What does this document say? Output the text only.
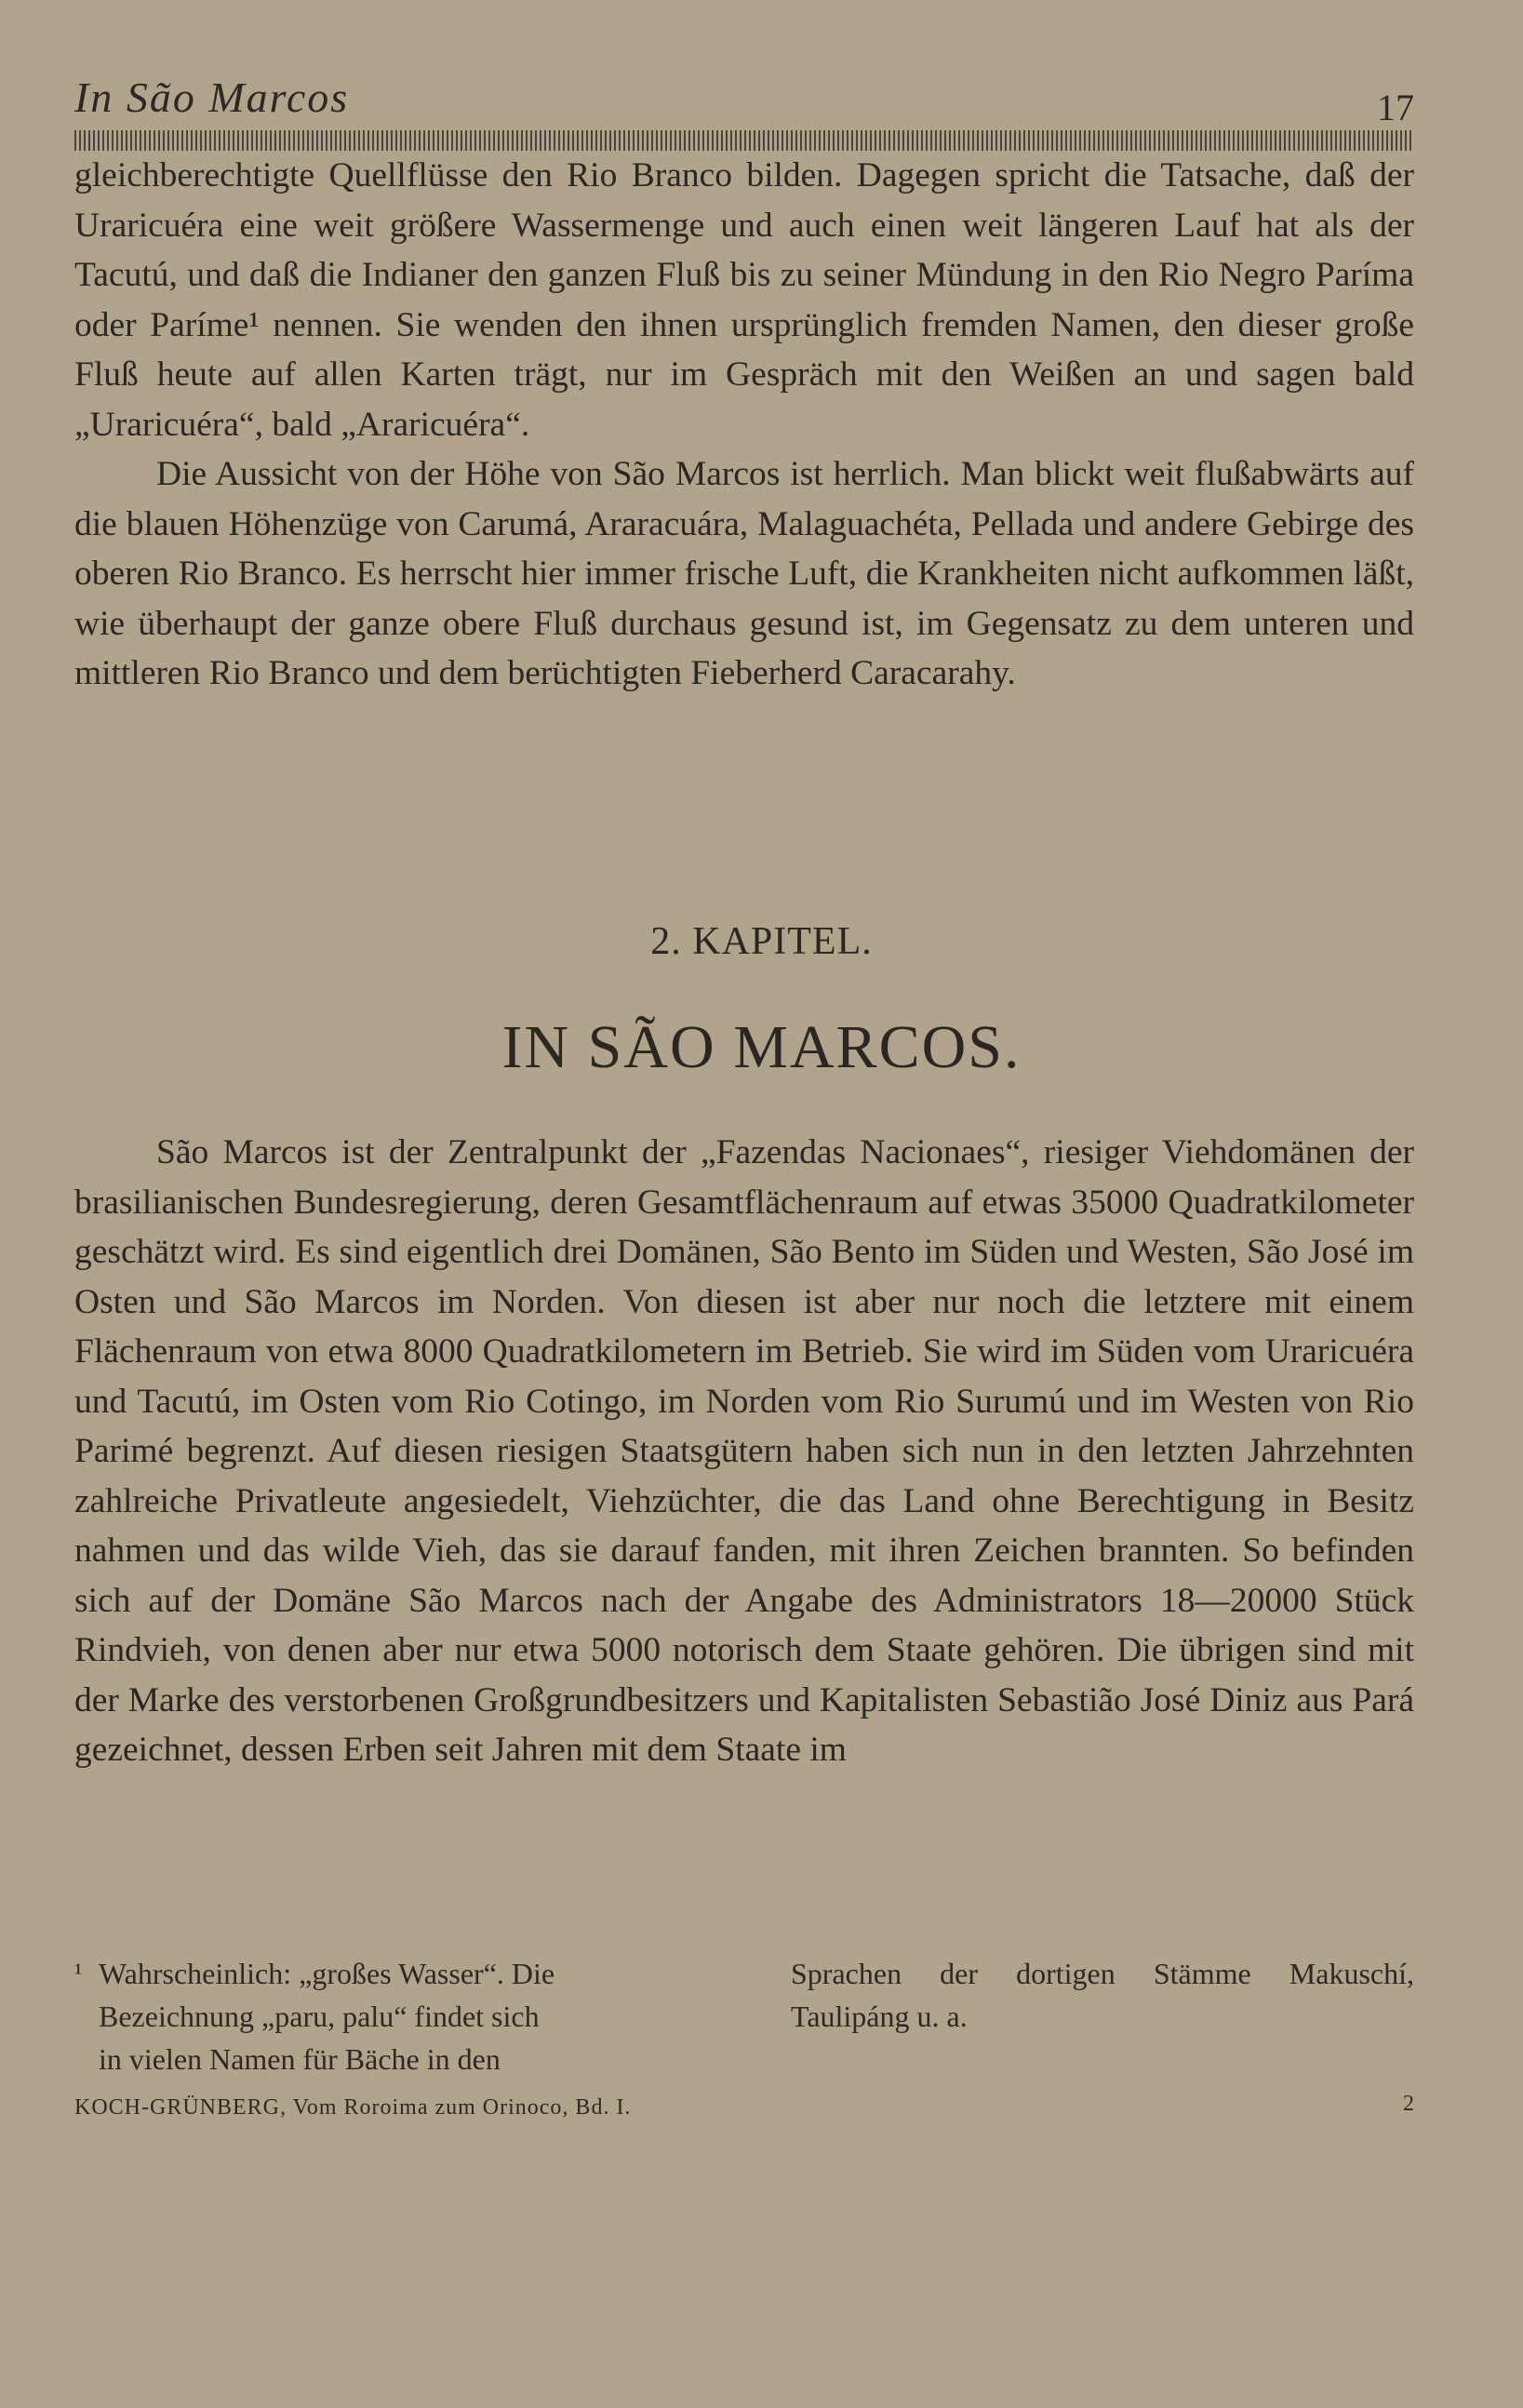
In São Marcos	17

gleichberechtigte Quellflüsse den Rio Branco bilden. Dagegen spricht die Tatsache, daß der Uraricuéra eine weit größere Wassermenge und auch einen weit längeren Lauf hat als der Tacutú, und daß die Indianer den ganzen Fluß bis zu seiner Mündung in den Rio Negro Paríma oder Paríme¹ nennen. Sie wenden den ihnen ursprünglich fremden Namen, den dieser große Fluß heute auf allen Karten trägt, nur im Gespräch mit den Weißen an und sagen bald „Uraricuéra“, bald „Araricuéra“.

Die Aussicht von der Höhe von São Marcos ist herrlich. Man blickt weit flußabwärts auf die blauen Höhenzüge von Carumá, Araracuára, Malaguachéta, Pellada und andere Gebirge des oberen Rio Branco. Es herrscht hier immer frische Luft, die Krankheiten nicht aufkommen läßt, wie überhaupt der ganze obere Fluß durchaus gesund ist, im Gegensatz zu dem unteren und mittleren Rio Branco und dem berüchtigten Fieberherd Caracarahy.

2. KAPITEL.
IN SÃO MARCOS.

São Marcos ist der Zentralpunkt der „Fazendas Nacionaes“, riesiger Viehdomänen der brasilianischen Bundesregierung, deren Gesamtflächenraum auf etwas 35000 Quadratkilometer geschätzt wird. Es sind eigentlich drei Domänen, São Bento im Süden und Westen, São José im Osten und São Marcos im Norden. Von diesen ist aber nur noch die letztere mit einem Flächenraum von etwa 8000 Quadratkilometern im Betrieb. Sie wird im Süden vom Uraricuéra und Tacutú, im Osten vom Rio Cotingo, im Norden vom Rio Surumú und im Westen von Rio Parimé begrenzt. Auf diesen riesigen Staatsgütern haben sich nun in den letzten Jahrzehnten zahlreiche Privatleute angesiedelt, Viehzüchter, die das Land ohne Berechtigung in Besitz nahmen und das wilde Vieh, das sie darauf fanden, mit ihren Zeichen brannten. So befinden sich auf der Domäne São Marcos nach der Angabe des Administrators 18—20000 Stück Rindvieh, von denen aber nur etwa 5000 notorisch dem Staate gehören. Die übrigen sind mit der Marke des verstorbenen Großgrundbesitzers und Kapitalisten Sebastião José Diniz aus Pará gezeichnet, dessen Erben seit Jahren mit dem Staate im

¹ Wahrscheinlich: „großes Wasser“. Die
Bezeichnung „paru, palu“ findet sich
in vielen Namen für Bäche in den
Sprachen der dortigen Stämme Makuschí, Taulipáng u. a.
KOCH-GRÜNBERG, Vom Roroima zum Orinoco, Bd. I.	2
